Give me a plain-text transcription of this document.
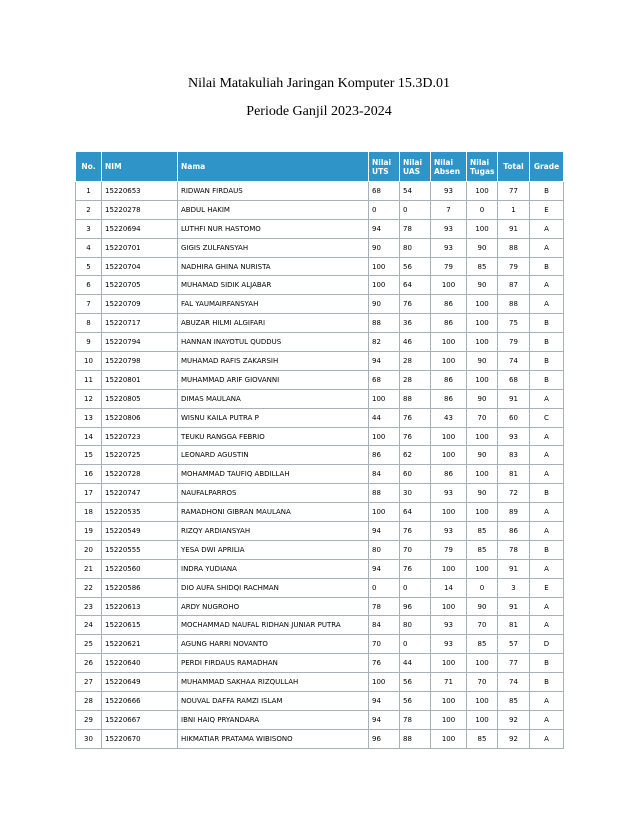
Nilai Matakuliah Jaringan Komputer 15.3D.01
Periode Ganjil 2023-2024
No.	NIM	Nama	Nilai UTS	Nilai UAS	Nilai Absen	Nilai Tugas	Total	Grade
1	15220653	RIDWAN FIRDAUS	68	54	93	100	77	B
2	15220278	ABDUL HAKIM	0	0	7	0	1	E
3	15220694	LUTHFI NUR HASTOMO	94	78	93	100	91	A
4	15220701	GIGIS ZULFANSYAH	90	80	93	90	88	A
5	15220704	NADHIRA GHINA NURISTA	100	56	79	85	79	B
6	15220705	MUHAMAD SIDIK ALJABAR	100	64	100	90	87	A
7	15220709	FAL YAUMAIRFANSYAH	90	76	86	100	88	A
8	15220717	ABUZAR HILMI ALGIFARI	88	36	86	100	75	B
9	15220794	HANNAN INAYOTUL QUDDUS	82	46	100	100	79	B
10	15220798	MUHAMAD RAFIS ZAKARSIH	94	28	100	90	74	B
11	15220801	MUHAMMAD ARIF GIOVANNI	68	28	86	100	68	B
12	15220805	DIMAS MAULANA	100	88	86	90	91	A
13	15220806	WISNU KAILA PUTRA P	44	76	43	70	60	C
14	15220723	TEUKU RANGGA FEBRIO	100	76	100	100	93	A
15	15220725	LEONARD AGUSTIN	86	62	100	90	83	A
16	15220728	MOHAMMAD TAUFIQ ABDILLAH	84	60	86	100	81	A
17	15220747	NAUFALPARROS	88	30	93	90	72	B
18	15220535	RAMADHONI GIBRAN MAULANA	100	64	100	100	89	A
19	15220549	RIZQY ARDIANSYAH	94	76	93	85	86	A
20	15220555	YESA DWI APRILIA	80	70	79	85	78	B
21	15220560	INDRA YUDIANA	94	76	100	100	91	A
22	15220586	DIO AUFA SHIDQI RACHMAN	0	0	14	0	3	E
23	15220613	ARDY NUGROHO	78	96	100	90	91	A
24	15220615	MOCHAMMAD NAUFAL RIDHAN JUNIAR PUTRA	84	80	93	70	81	A
25	15220621	AGUNG HARRI NOVANTO	70	0	93	85	57	D
26	15220640	PERDI FIRDAUS RAMADHAN	76	44	100	100	77	B
27	15220649	MUHAMMAD SAKHAA RIZQULLAH	100	56	71	70	74	B
28	15220666	NOUVAL DAFFA RAMZI ISLAM	94	56	100	100	85	A
29	15220667	IBNI HAIQ PRYANDARA	94	78	100	100	92	A
30	15220670	HIKMATIAR PRATAMA WIBISONO	96	88	100	85	92	A
